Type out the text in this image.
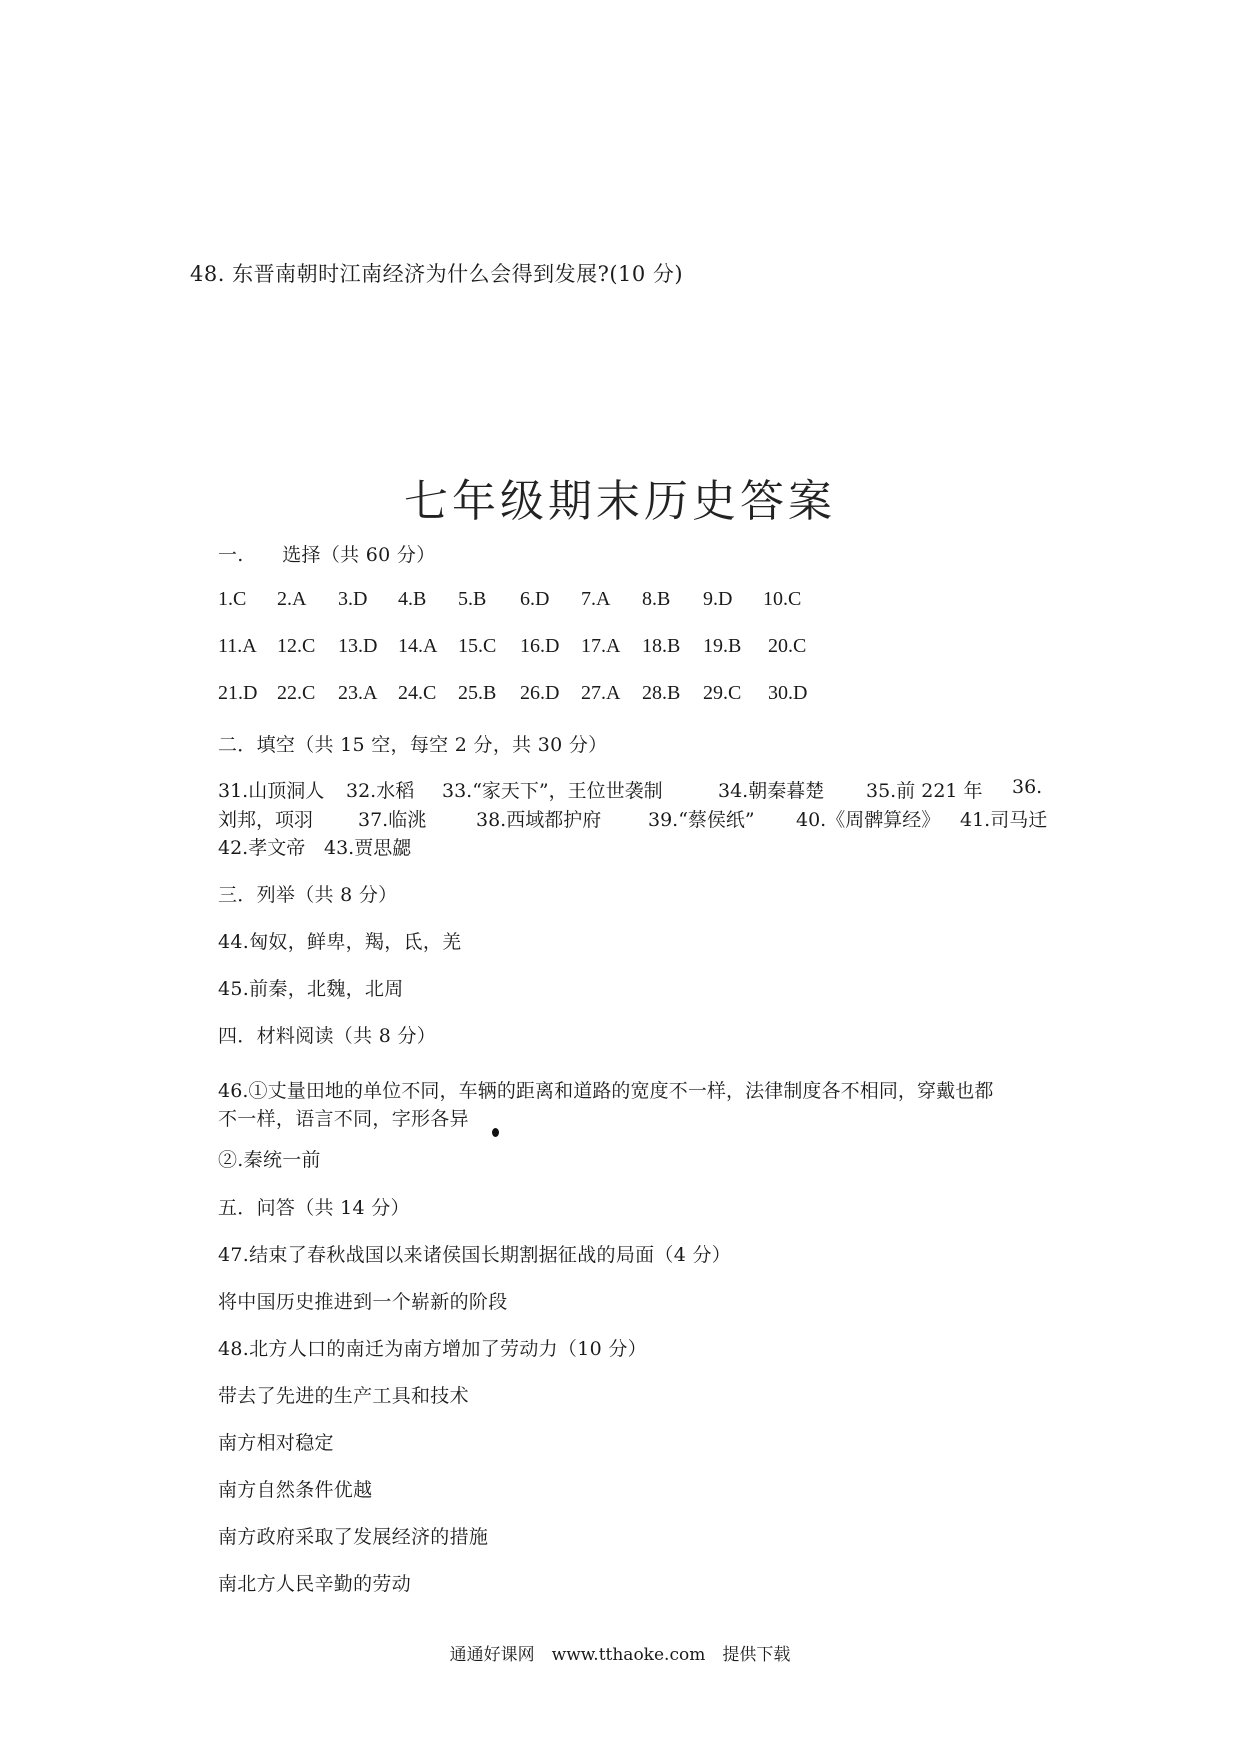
48. 东晋南朝时江南经济为什么会得到发展?(10 分)
七年级期末历史答案
一.　　选择（共 60 分）
1.C 2.A 3.D 4.B 5.B 6.D 7.A 8.B 9.D 10.C
11.A 12.C 13.D 14.A 15.C 16.D 17.A 18.B 19.B 20.C
21.D 22.C 23.A 24.C 25.B 26.D 27.A 28.B 29.C 30.D
二．填空（共 15 空，每空 2 分，共 30 分）
31.山顶洞人 32.水稻 33.“家天下”，王位世袭制	34.朝秦暮楚 35.前 221 年 36.
刘邦，项羽 37.临洮	38.西域都护府 39.“蔡侯纸” 40.《周髀算经》 41.司马迁
42.孝文帝 43.贾思勰
三．列举（共 8 分）
44.匈奴，鲜卑，羯，氐，羌
45.前秦，北魏，北周
四．材料阅读（共 8 分）
46.①丈量田地的单位不同，车辆的距离和道路的宽度不一样，法律制度各不相同，穿戴也都
不一样，语言不同，字形各异
②.秦统一前
五．问答（共 14 分）
47.结束了春秋战国以来诸侯国长期割据征战的局面（4 分）
将中国历史推进到一个崭新的阶段
48.北方人口的南迁为南方增加了劳动力（10 分）
带去了先进的生产工具和技术
南方相对稳定
南方自然条件优越
南方政府采取了发展经济的措施
南北方人民辛勤的劳动
通通好课网　www.tthaoke.com　提供下载
